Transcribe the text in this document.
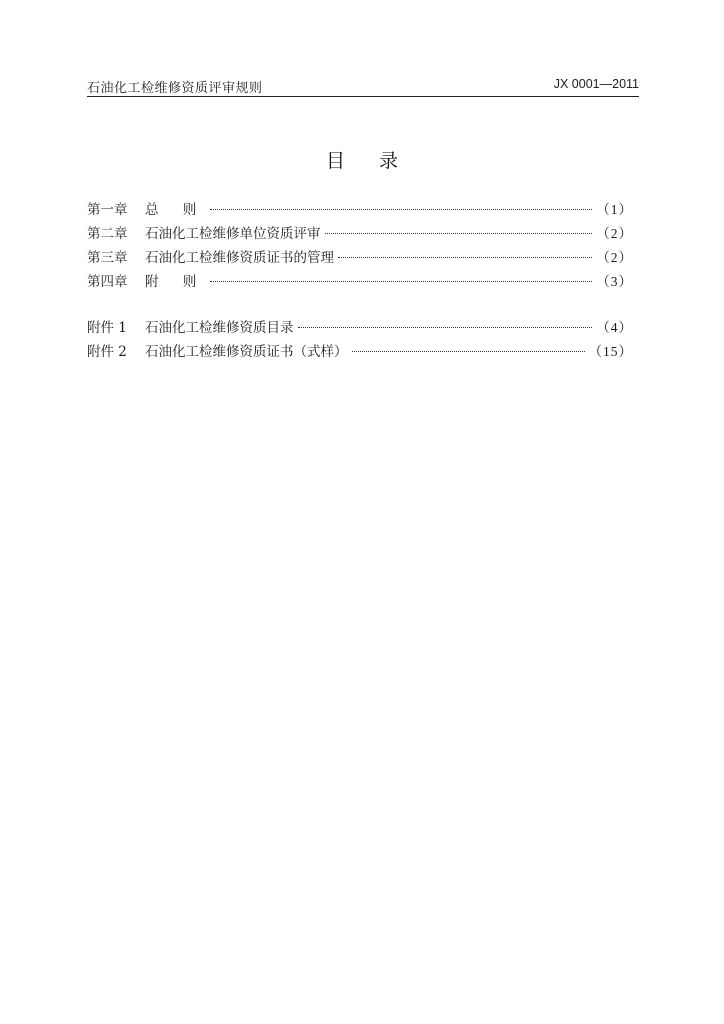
石油化工检维修资质评审规则	JX 0001—2011
目 录
第一章	总 则	（1）
第二章	石油化工检维修单位资质评审	（2）
第三章	石油化工检维修资质证书的管理	（2）
第四章	附 则	（3）
附件 1	石油化工检维修资质目录	（4）
附件 2	石油化工检维修资质证书（式样）	（15）
